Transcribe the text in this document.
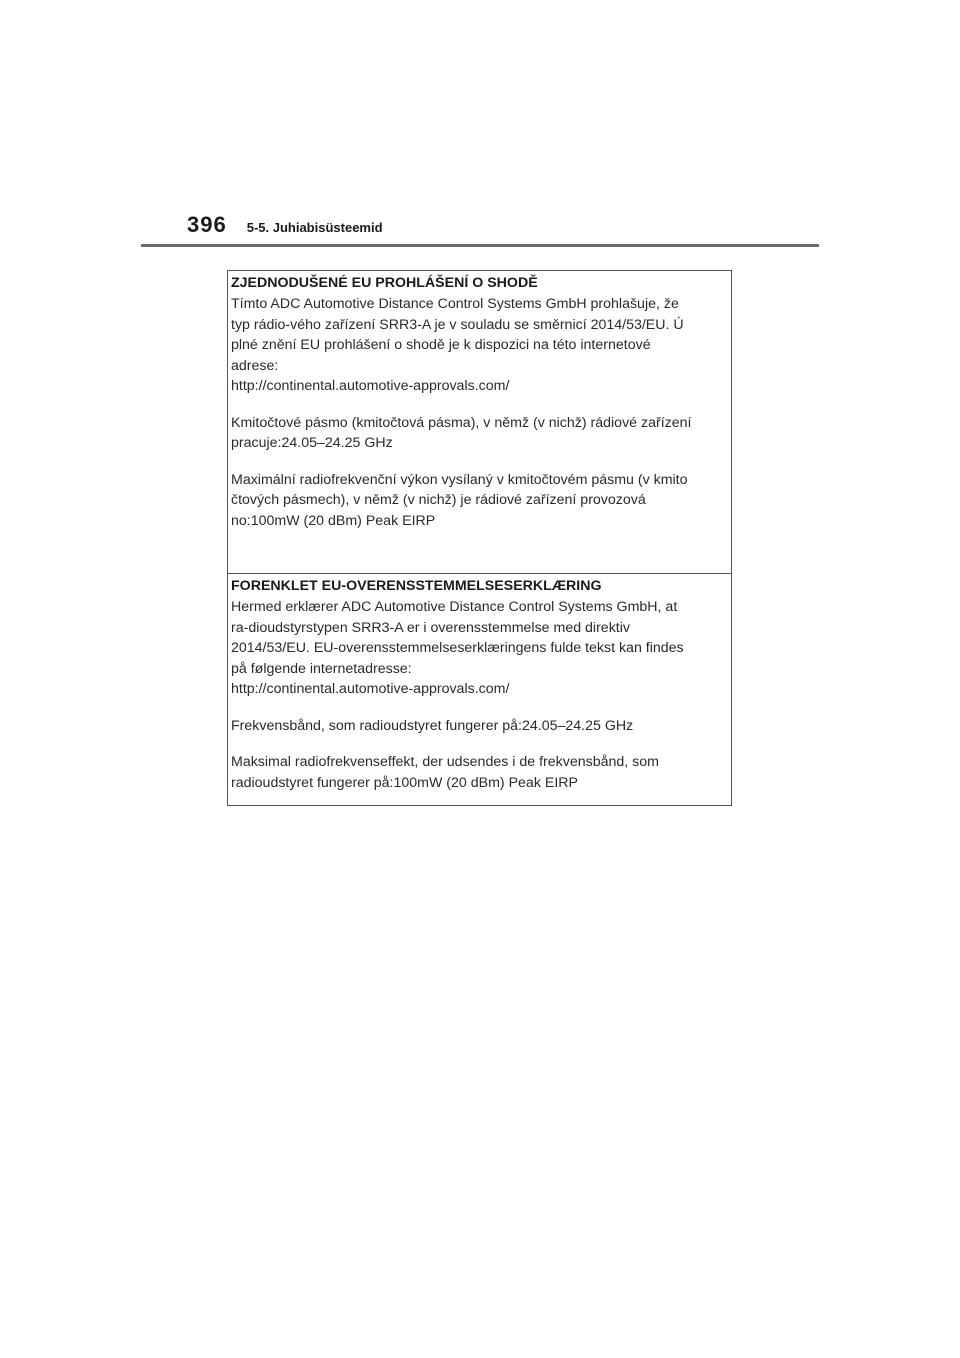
396 5-5. Juhiabisüsteemid
ZJEDNODUŠENÉ EU PROHLÁŠENÍ O SHODĚ

Tímto ADC Automotive Distance Control Systems GmbH prohlašuje, že
typ rádio-vého zařízení SRR3-A je v souladu se směrnicí 2014/53/EU. Ú
plné znění EU prohlášení o shodě je k dispozici na této internetové
adrese:
http://continental.automotive-approvals.com/

Kmitočtové pásmo (kmitočtová pásma), v němž (v nichž) rádiové zařízení
pracuje:24.05–24.25 GHz

Maximální radiofrekvenční výkon vysílaný v kmitočtovém pásmu (v kmito
čtových pásmech), v němž (v nichž) je rádiové zařízení provozová
no:100mW (20 dBm) Peak EIRP

FORENKLET EU-OVERENSSTEMMELSESERKLÆRING

Hermed erklærer ADC Automotive Distance Control Systems GmbH, at
ra-dioudstyrstypen SRR3-A er i overensstemmelse med direktiv
2014/53/EU. EU-overensstemmelseserklæringens fulde tekst kan findes
på følgende internetadresse:
http://continental.automotive-approvals.com/

Frekvensbånd, som radioudstyret fungerer på:24.05–24.25 GHz

Maksimal radiofrekvenseffekt, der udsendes i de frekvensbånd, som
radioudstyret fungerer på:100mW (20 dBm) Peak EIRP
